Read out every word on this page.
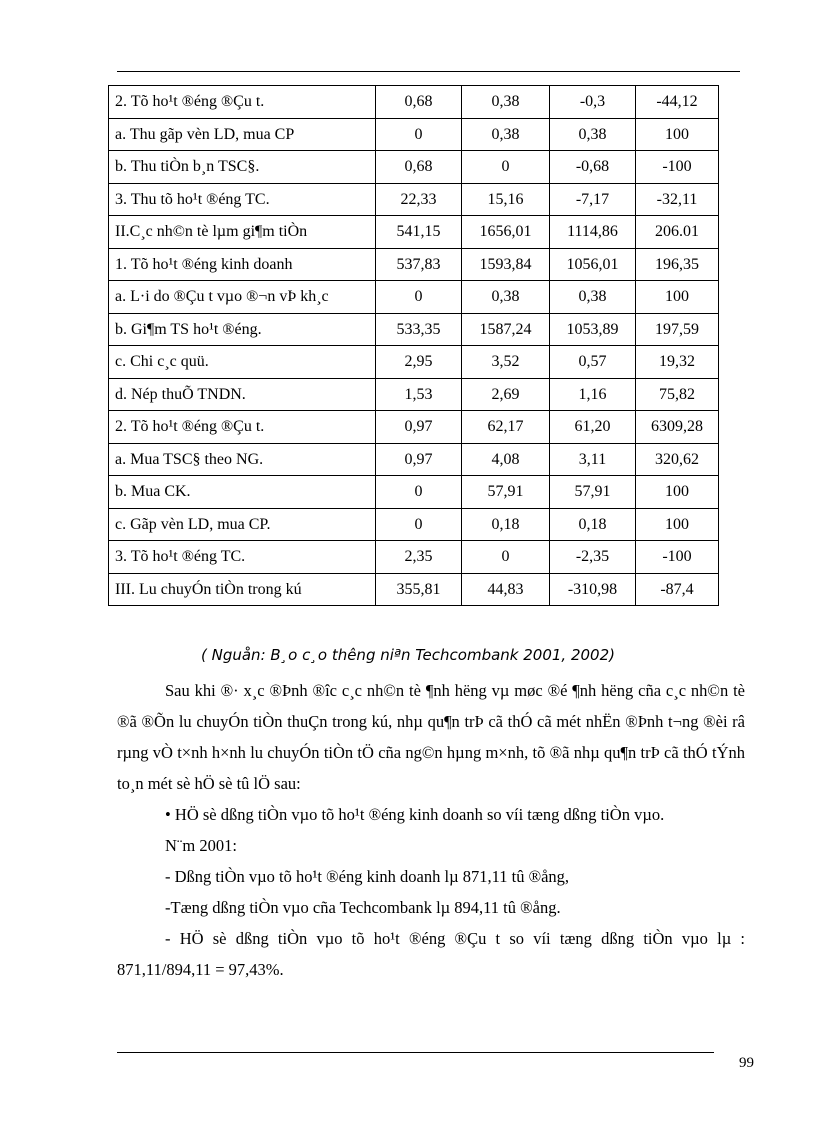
2. Tõ ho¹t ®éng ®Çu t.	0,68	0,38	-0,3	-44,12
a. Thu gãp vèn LD, mua CP	0	0,38	0,38	100
b. Thu tiÒn b¸n TSC§.	0,68	0	-0,68	-100
3. Thu tõ ho¹t ®éng TC.	22,33	15,16	-7,17	-32,11
II.C¸c nh©n tè lµm gi¶m tiÒn	541,15	1656,01	1114,86	206.01
1. Tõ ho¹t ®éng kinh doanh	537,83	1593,84	1056,01	196,35
a. L·i do ®Çu t vµo ®¬n vÞ kh¸c	0	0,38	0,38	100
b. Gi¶m TS ho¹t ®éng.	533,35	1587,24	1053,89	197,59
c. Chi c¸c quü.	2,95	3,52	0,57	19,32
d. Nép thuÕ TNDN.	1,53	2,69	1,16	75,82
2. Tõ ho¹t ®éng ®Çu t.	0,97	62,17	61,20	6309,28
a. Mua TSC§ theo NG.	0,97	4,08	3,11	320,62
b. Mua CK.	0	57,91	57,91	100
c. Gãp vèn LD, mua CP.	0	0,18	0,18	100
3. Tõ ho¹t ®éng TC.	2,35	0	-2,35	-100
III. Lu chuyÓn tiÒn trong kú	355,81	44,83	-310,98	-87,4
( Nguån: B¸o c¸o thêng niªn Techcombank 2001, 2002)

Sau khi ®· x¸c ®Þnh ®îc c¸c nh©n tè ¶nh hëng vµ møc ®é ¶nh hëng cña c¸c nh©n tè ®ã ®Õn lu chuyÓn tiÒn thuÇn trong kú, nhµ qu¶n trÞ cã thÓ cã mét nhËn ®Þnh t¬ng ®èi râ rµng vÒ t×nh h×nh lu chuyÓn tiÒn tÖ cña ng©n hµng m×nh, tõ ®ã nhµ qu¶n trÞ cã thÓ tÝnh to¸n mét sè hÖ sè tû lÖ sau:

• HÖ sè dßng tiÒn vµo tõ ho¹t ®éng kinh doanh so víi tæng dßng tiÒn vµo.

N¨m 2001:

- Dßng tiÒn vµo tõ ho¹t ®éng kinh doanh lµ 871,11 tû ®ång,

-Tæng dßng tiÒn vµo cña Techcombank lµ 894,11 tû ®ång.

- HÖ sè dßng tiÒn vµo tõ ho¹t ®éng ®Çu t so víi tæng dßng tiÒn vµo lµ : 871,11/894,11 = 97,43%.

99
